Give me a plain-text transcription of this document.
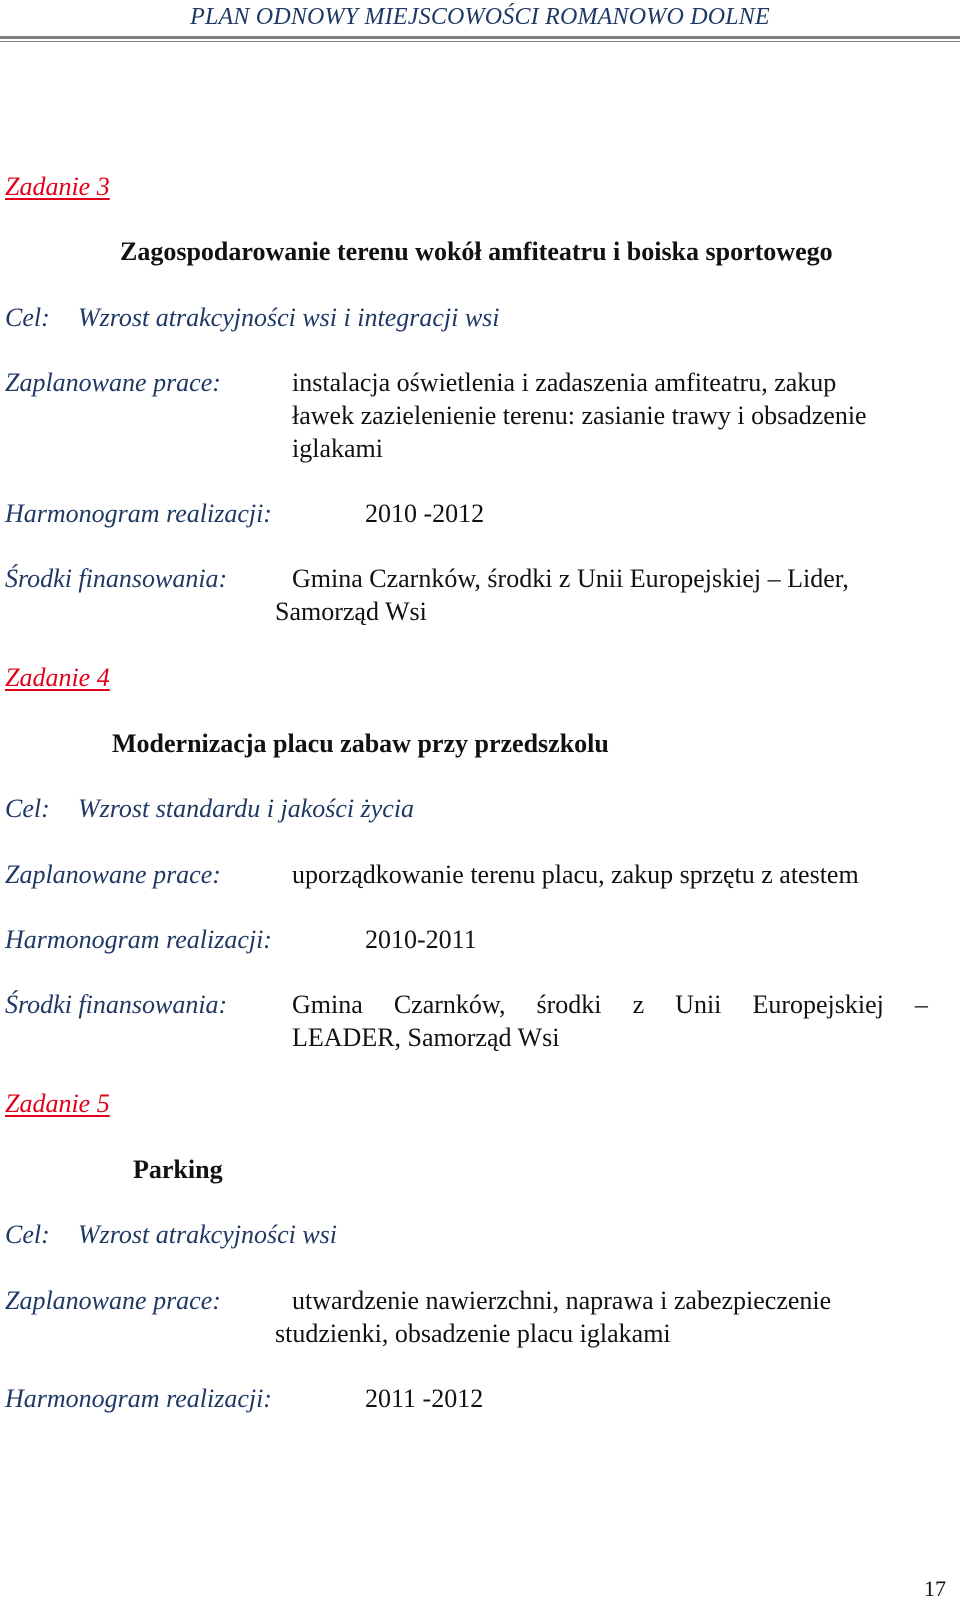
PLAN ODNOWY MIEJSCOWOŚCI ROMANOWO DOLNE
Zadanie 3
Zagospodarowanie terenu wokół amfiteatru i boiska sportowego
Cel: Wzrost atrakcyjności wsi i integracji wsi
Zaplanowane prace:	instalacja oświetlenia i zadaszenia amfiteatru, zakup
ławek zazielenienie terenu: zasianie trawy i obsadzenie
iglakami
Harmonogram realizacji:	2010 -2012
Środki finansowania: Gmina Czarnków, środki z Unii Europejskiej – Lider,
Samorząd Wsi
Zadanie 4
Modernizacja placu zabaw przy przedszkolu
Cel: Wzrost standardu i jakości życia
Zaplanowane prace:	uporządkowanie terenu placu, zakup sprzętu z atestem
Harmonogram realizacji:	2010-2011
Środki finansowania: Gmina Czarnków, środki z Unii Europejskiej –
LEADER, Samorząd Wsi
Zadanie 5
Parking
Cel: Wzrost atrakcyjności wsi
Zaplanowane prace:	utwardzenie nawierzchni, naprawa i zabezpieczenie
studzienki, obsadzenie placu iglakami
Harmonogram realizacji:	2011 -2012
17
